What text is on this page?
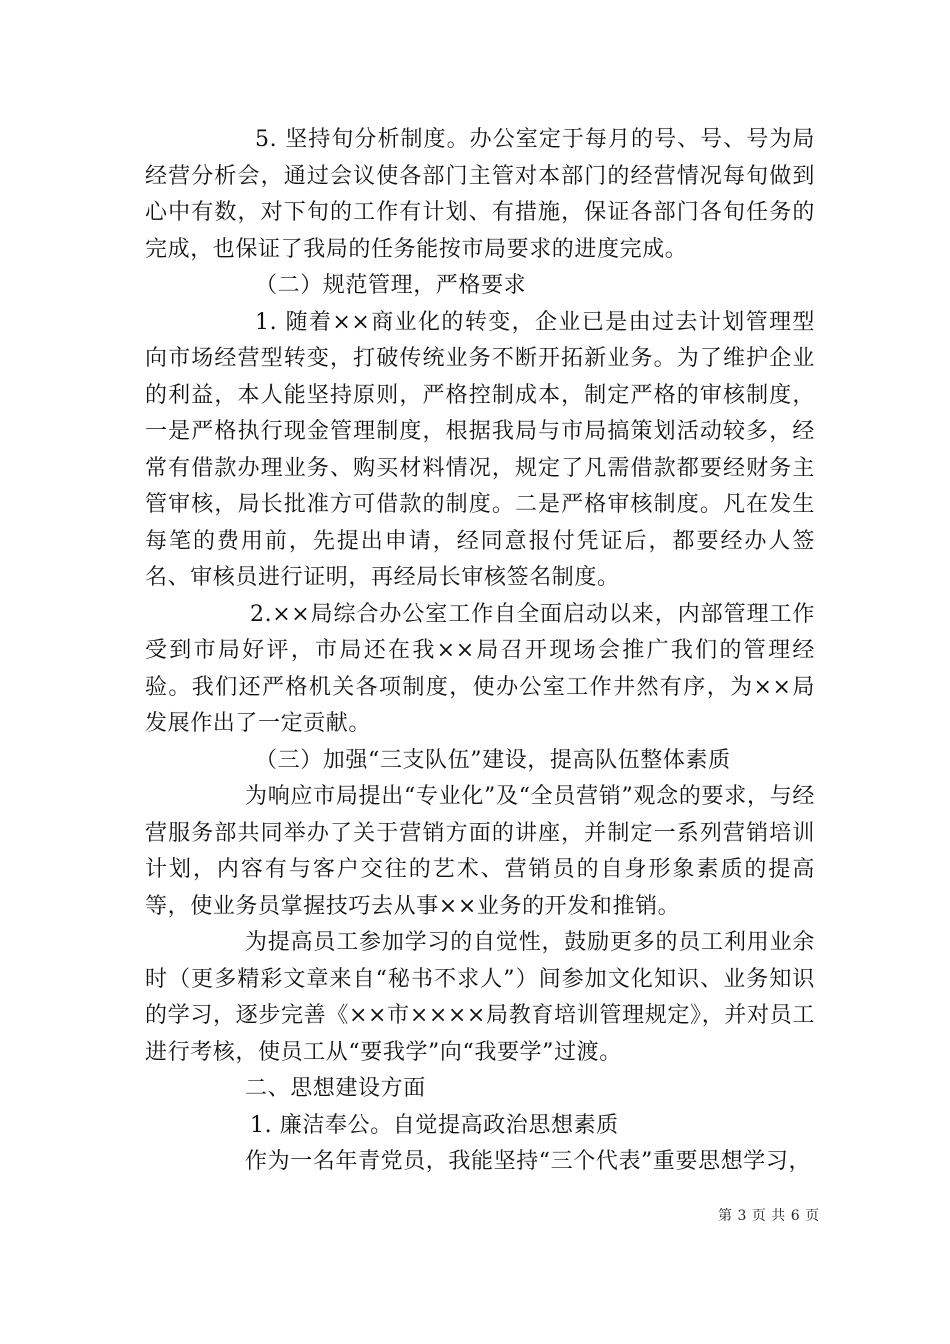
5. 坚持旬分析制度。办公室定于每月的号、号、号为局经营分析会，通过会议使各部门主管对本部门的经营情况每旬做到心中有数，对下旬的工作有计划、有措施，保证各部门各旬任务的完成，也保证了我局的任务能按市局要求的进度完成。

（二）规范管理，严格要求

1. 随着××商业化的转变，企业已是由过去计划管理型向市场经营型转变，打破传统业务不断开拓新业务。为了维护企业的利益，本人能坚持原则，严格控制成本，制定严格的审核制度，一是严格执行现金管理制度，根据我局与市局搞策划活动较多，经常有借款办理业务、购买材料情况，规定了凡需借款都要经财务主管审核，局长批准方可借款的制度。二是严格审核制度。凡在发生每笔的费用前，先提出申请，经同意报付凭证后，都要经办人签名、审核员进行证明，再经局长审核签名制度。

2.××局综合办公室工作自全面启动以来，内部管理工作受到市局好评，市局还在我××局召开现场会推广我们的管理经验。我们还严格机关各项制度，使办公室工作井然有序，为××局发展作出了一定贡献。

（三）加强“三支队伍”建设，提高队伍整体素质

为响应市局提出“专业化”及“全员营销”观念的要求，与经营服务部共同举办了关于营销方面的讲座，并制定一系列营销培训计划，内容有与客户交往的艺术、营销员的自身形象素质的提高等，使业务员掌握技巧去从事××业务的开发和推销。

为提高员工参加学习的自觉性，鼓励更多的员工利用业余时（更多精彩文章来自“秘书不求人”）间参加文化知识、业务知识的学习，逐步完善《××市××××局教育培训管理规定》，并对员工进行考核，使员工从“要我学”向“我要学”过渡。

二、思想建设方面

1. 廉洁奉公。自觉提高政治思想素质

作为一名年青党员，我能坚持“三个代表”重要思想学习，

第 3 页 共 6 页
